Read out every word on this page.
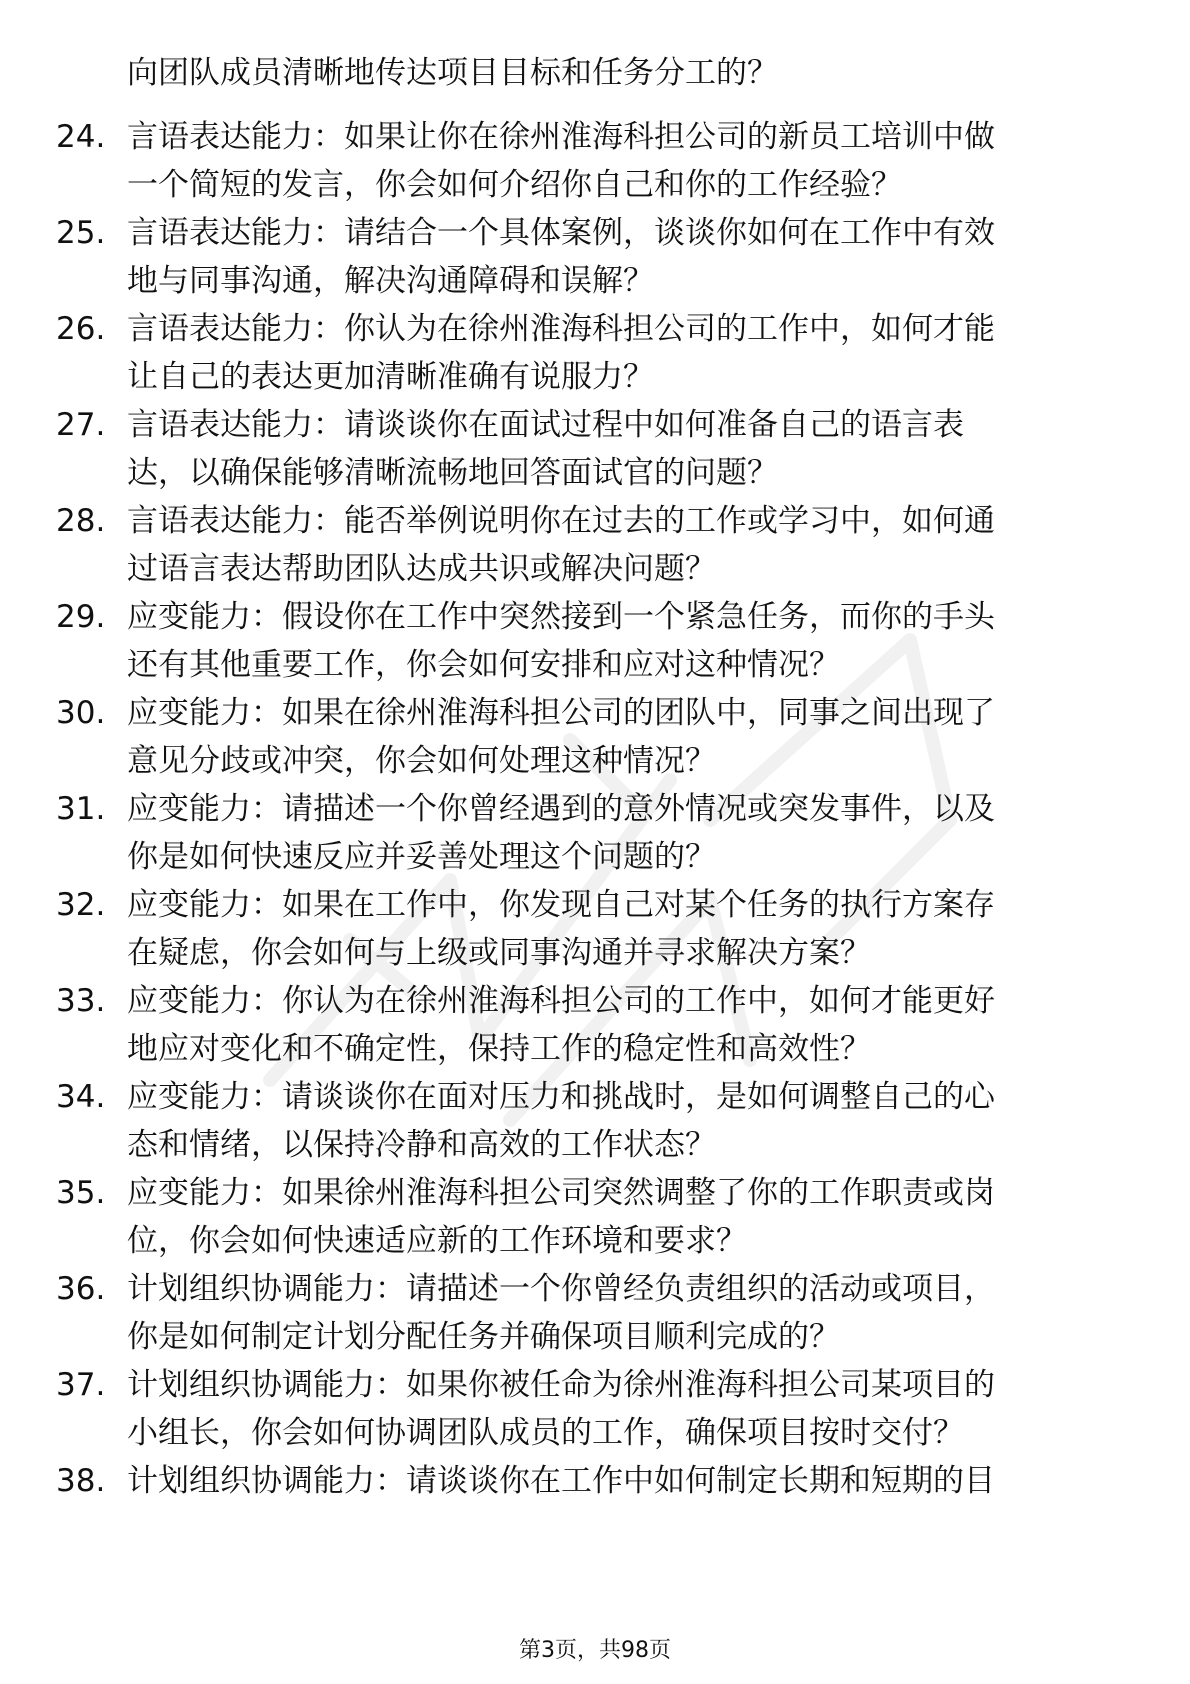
向团队成员清晰地传达项目目标和任务分工的？
24. 言语表达能力：如果让你在徐州淮海科担公司的新员工培训中做
一个简短的发言，你会如何介绍你自己和你的工作经验？
25. 言语表达能力：请结合一个具体案例，谈谈你如何在工作中有效
地与同事沟通，解决沟通障碍和误解？
26. 言语表达能力：你认为在徐州淮海科担公司的工作中，如何才能
让自己的表达更加清晰准确有说服力？
27. 言语表达能力：请谈谈你在面试过程中如何准备自己的语言表
达，以确保能够清晰流畅地回答面试官的问题？
28. 言语表达能力：能否举例说明你在过去的工作或学习中，如何通
过语言表达帮助团队达成共识或解决问题？
29. 应变能力：假设你在工作中突然接到一个紧急任务，而你的手头
还有其他重要工作，你会如何安排和应对这种情况？
30. 应变能力：如果在徐州淮海科担公司的团队中，同事之间出现了
意见分歧或冲突，你会如何处理这种情况？
31. 应变能力：请描述一个你曾经遇到的意外情况或突发事件，以及
你是如何快速反应并妥善处理这个问题的？
32. 应变能力：如果在工作中，你发现自己对某个任务的执行方案存
在疑虑，你会如何与上级或同事沟通并寻求解决方案？
33. 应变能力：你认为在徐州淮海科担公司的工作中，如何才能更好
地应对变化和不确定性，保持工作的稳定性和高效性？
34. 应变能力：请谈谈你在面对压力和挑战时，是如何调整自己的心
态和情绪，以保持冷静和高效的工作状态？
35. 应变能力：如果徐州淮海科担公司突然调整了你的工作职责或岗
位，你会如何快速适应新的工作环境和要求？
36. 计划组织协调能力：请描述一个你曾经负责组织的活动或项目，
你是如何制定计划分配任务并确保项目顺利完成的？
37. 计划组织协调能力：如果你被任命为徐州淮海科担公司某项目的
小组长，你会如何协调团队成员的工作，确保项目按时交付？
38. 计划组织协调能力：请谈谈你在工作中如何制定长期和短期的目
第3页，共98页
